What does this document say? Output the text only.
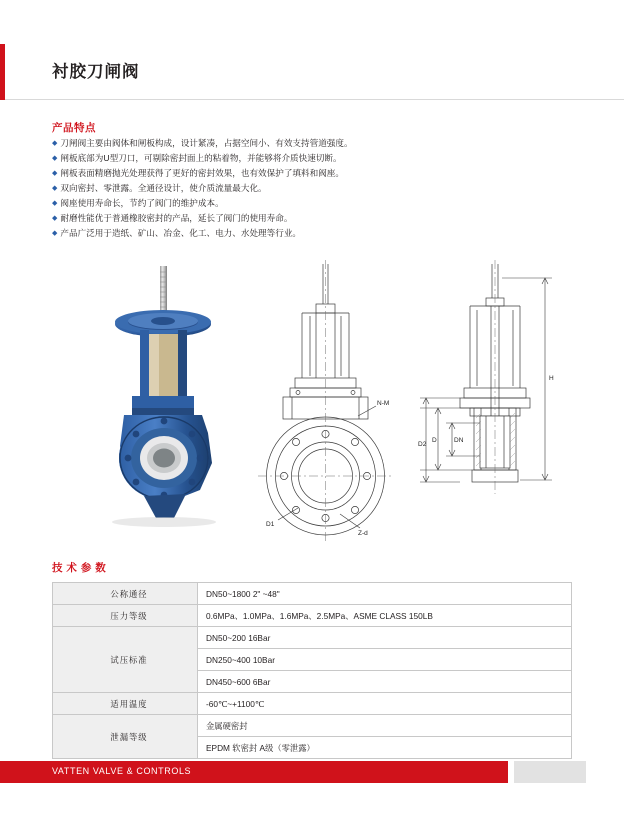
衬胶刀闸阀
产品特点
◆ 刀闸阀主要由阀体和闸板构成，设计紧凑，占据空间小、有效支持管道强度。
◆ 闸板底部为U型刀口，可剔除密封面上的粘着物，并能够将介质快速切断。
◆ 闸板表面精磨抛光处理获得了更好的密封效果，也有效保护了填料和阀座。
◆ 双向密封、零泄露。全通径设计，使介质流量最大化。
◆ 阀座使用寿命长，节约了阀门的维护成本。
◆ 耐磨性能优于普通橡胶密封的产品，延长了阀门的使用寿命。
◆ 产品广泛用于造纸、矿山、冶金、化工、电力、水处理等行业。
N-M
D1
Z-d
H
D	DN
D2
技 术 参 数
公称通径	DN50~1800 2" ~48"
压力等级	0.6MPa、1.0MPa、1.6MPa、2.5MPa、ASME CLASS 150LB
试压标准	DN50~200 16Bar
	DN250~400 10Bar
	DN450~600 6Bar
适用温度	-60℃~+1100℃
泄漏等级	金属硬密封
	EPDM 软密封 A级（零泄露）
VATTEN VALVE & CONTROLS
